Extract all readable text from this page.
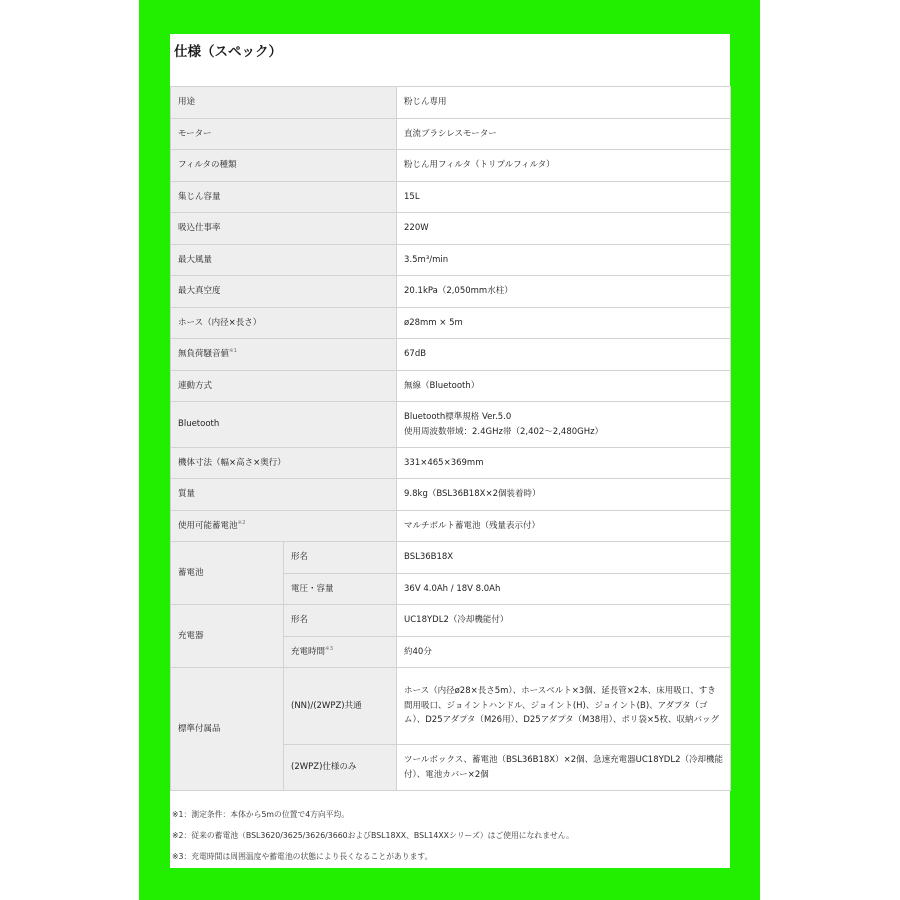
仕様（スペック）
用途		粉じん専用
モーター		直流ブラシレスモーター
フィルタの種類		粉じん用フィルタ（トリプルフィルタ）
集じん容量		15L
吸込仕事率		220W
最大風量		3.5m³/min
最大真空度		20.1kPa（2,050mm水柱）
ホース（内径×長さ）		ø28mm × 5m
無負荷騒音値$^{※1}$		67dB
連動方式		無線（Bluetooth）
Bluetooth		Bluetooth標準規格 Ver.5.0
使用周波数帯域：2.4GHz帯（2,402～2,480GHz）

機体寸法（幅×高さ×奥行）		331×465×369mm
質量		9.8kg（BSL36B18X×2個装着時）
使用可能蓄電池$^{※2}$		マルチボルト蓄電池（残量表示付）
蓄電池	形名	BSL36B18X
	電圧・容量	36V 4.0Ah / 18V 8.0Ah
充電器	形名	UC18YDL2（冷却機能付）
	充電時間$^{※3}$	約40分
標準付属品	(NN)/(2WPZ)共通	ホース（内径ø28×長さ5m）、ホースベルト×3個、延長管×2本、床用吸口、すき間用吸口、ジョイントハンドル、ジョイント(H)、ジョイント(B)、アダプタ（ゴム）、D25アダプタ（M26用）、D25アダプタ（M38用）、ポリ袋×5枚、収納バッグ
	(2WPZ)仕様のみ	ツールボックス、蓄電池（BSL36B18X）×2個、急速充電器UC18YDL2（冷却機能付）、電池カバー×2個
※1：測定条件：本体から5mの位置で4方向平均。
※2：従来の蓄電池（BSL3620/3625/3626/3660およびBSL18XX、BSL14XXシリーズ）はご使用になれません。
※3：充電時間は周囲温度や蓄電池の状態により長くなることがあります。
